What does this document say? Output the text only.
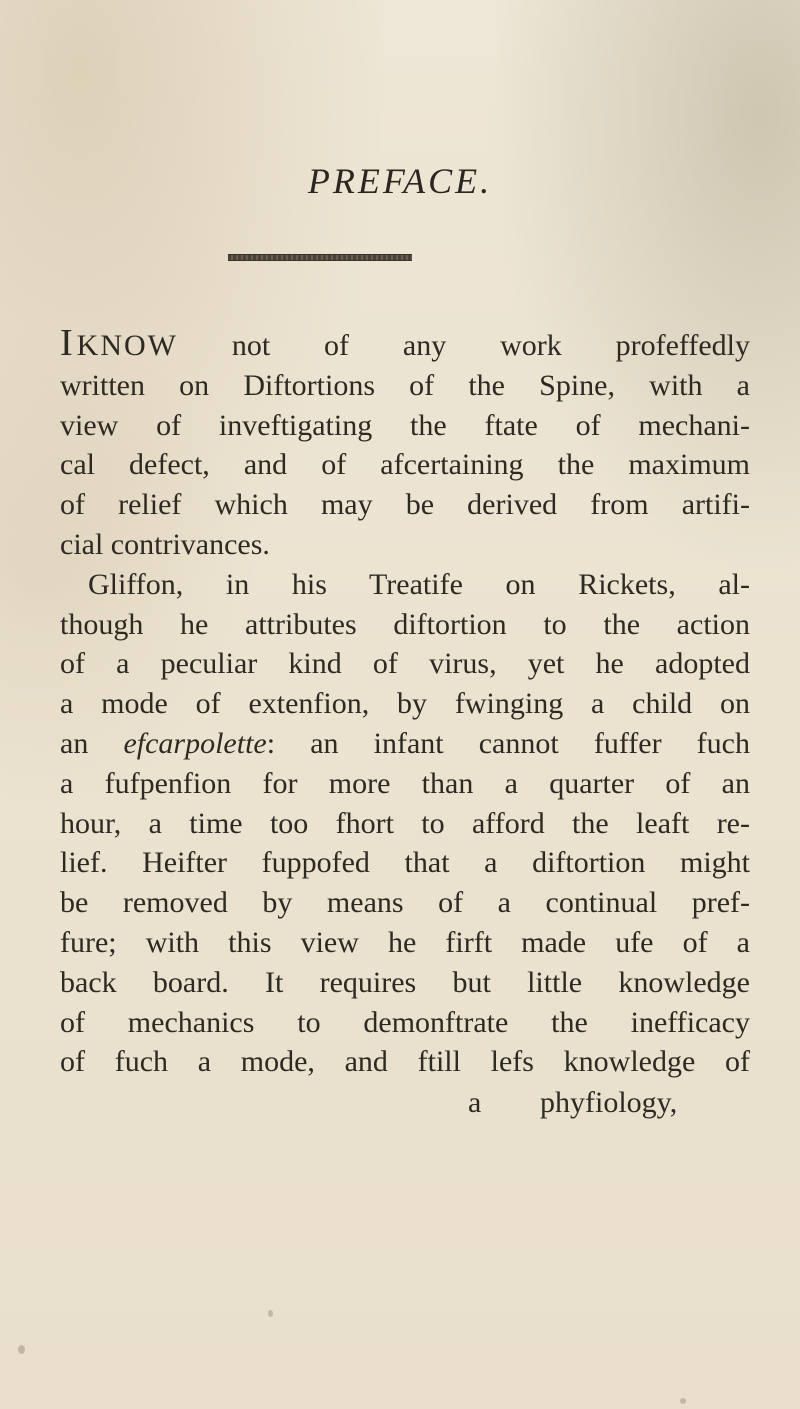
PREFACE.
I KNOW not of any work profeffedly
written on Diftortions of the Spine, with a
view of inveftigating the ftate of mechani-
cal defect, and of afcertaining the maximum
of relief which may be derived from artifi-
cial contrivances.
Gliffon, in his Treatife on Rickets, al-
though he attributes diftortion to the action
of a peculiar kind of virus, yet he adopted
a mode of extenfion, by fwinging a child on
an efcarpolette: an infant cannot fuffer fuch
a fufpenfion for more than a quarter of an
hour, a time too fhort to afford the leaft re-
lief. Heifter fuppofed that a diftortion might
be removed by means of a continual pref-
fure; with this view he firft made ufe of a
back board. It requires but little knowledge
of mechanics to demonftrate the inefficacy
of fuch a mode, and ftill lefs knowledge of
a phyfiology,
